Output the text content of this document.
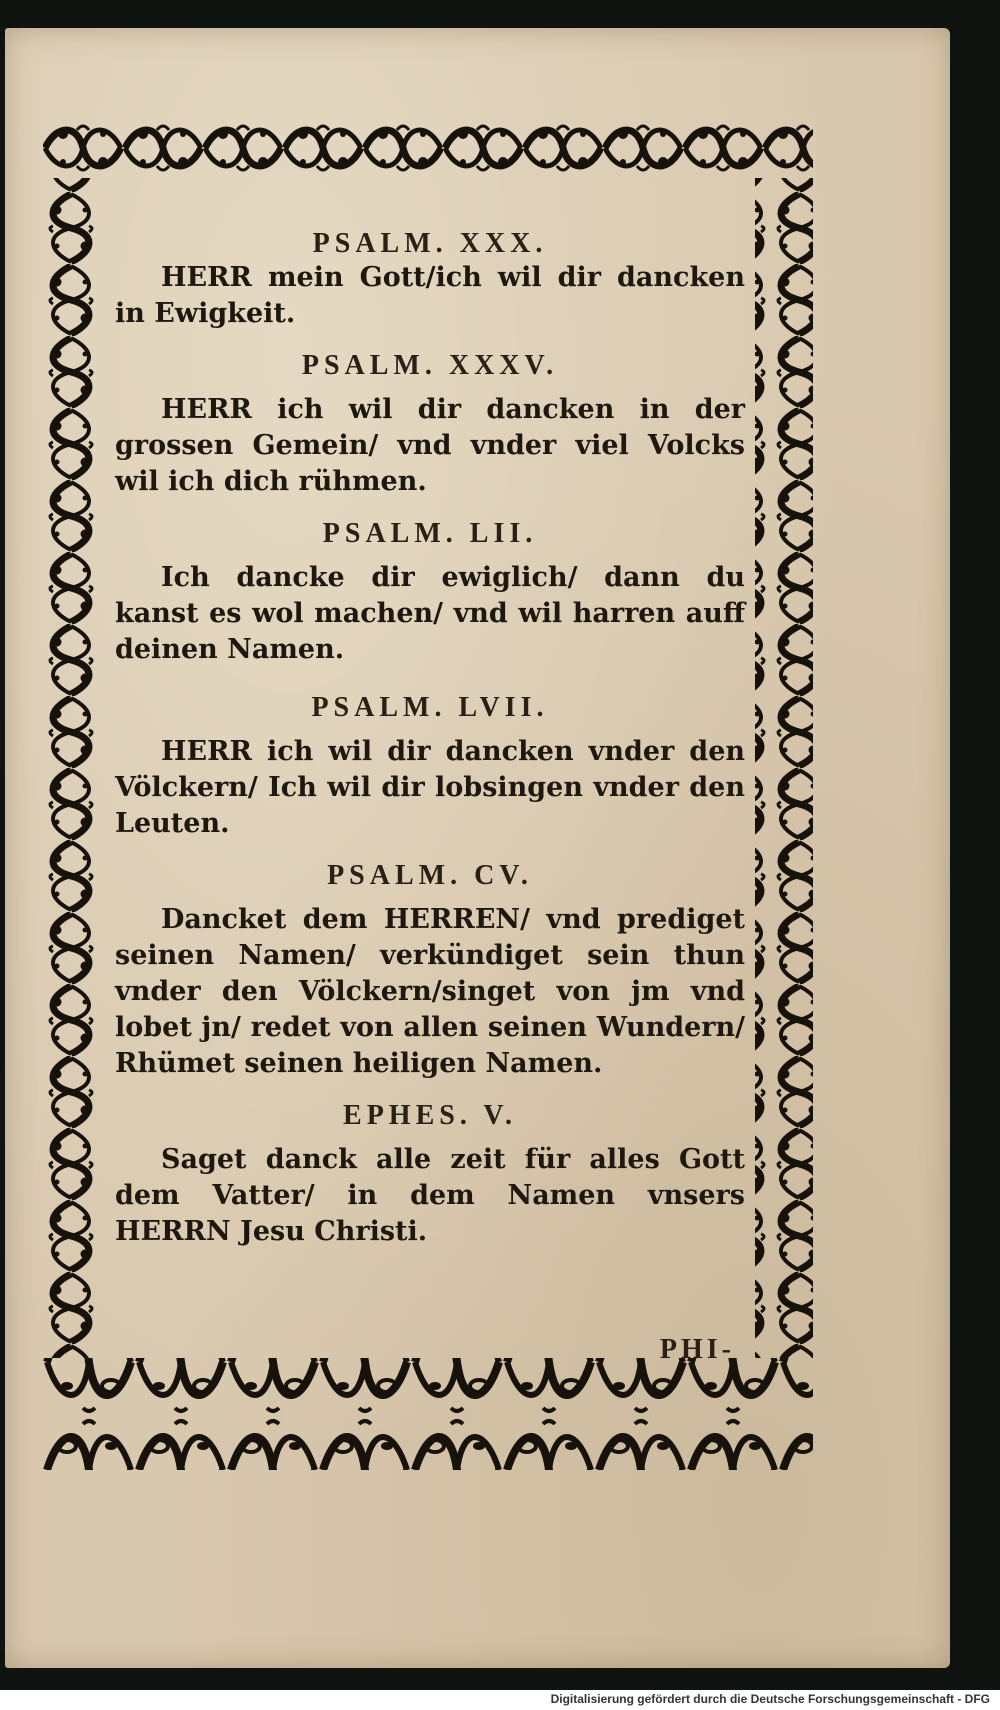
PSALM. XXX.

HERR mein Gott/ich wil dir dancken in Ewigkeit.

PSALM. XXXV.

HERR ich wil dir dancken in der grossen Gemein/ vnd vnder viel Volcks wil ich dich rühmen.

PSALM. LII.

Ich dancke dir ewiglich/ dann du kanst es wol machen/ vnd wil harren auff deinen Namen.

PSALM. LVII.

HERR ich wil dir dancken vnder den Völckern/ Ich wil dir lobsingen vnder den Leuten.

PSALM. CV.

Dancket dem HERREN/ vnd prediget seinen Namen/ verkündiget sein thun vnder den Völckern/singet von jm vnd lobet jn/ redet von allen seinen Wundern/ Rhümet seinen heiligen Namen.

EPHES. V.

Saget danck alle zeit für alles Gott dem Vatter/ in dem Namen vnsers HERRN Jesu Christi.

PHI-
Digitalisierung gefördert durch die Deutsche Forschungsgemeinschaft - DFG
